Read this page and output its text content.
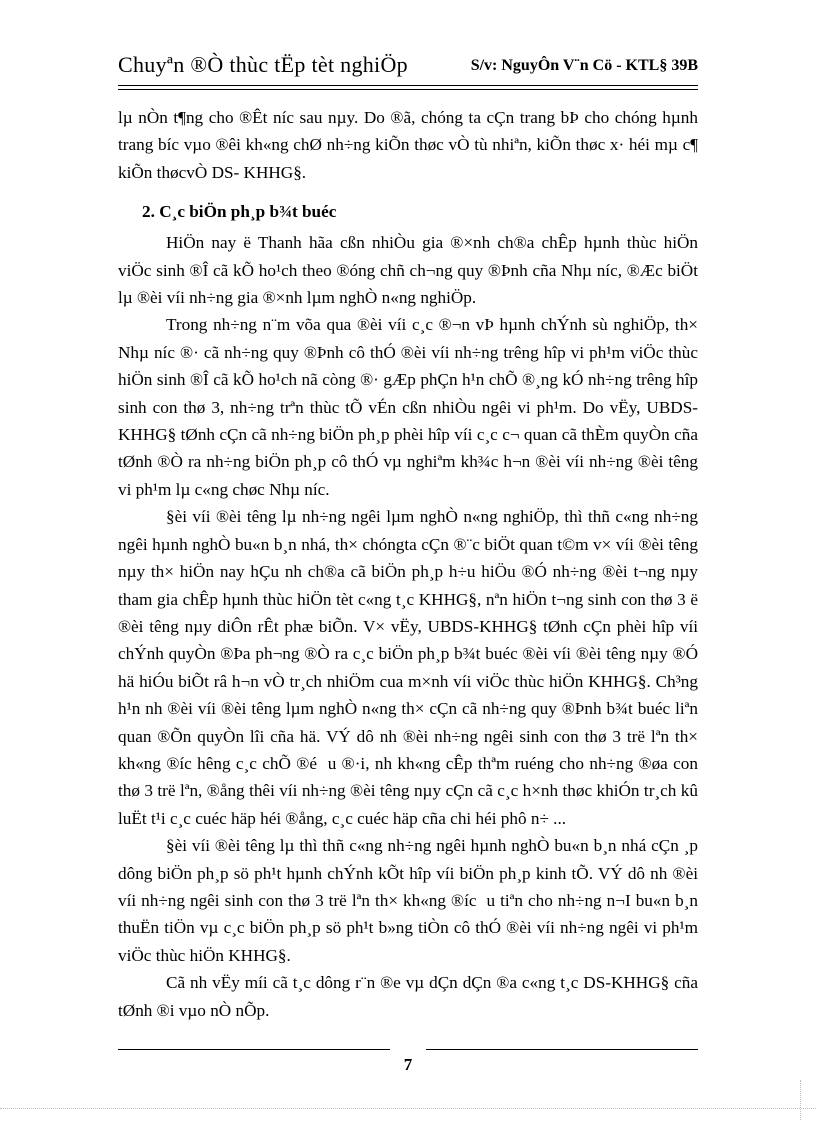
Chuyªn ®Ò thùc tËp tèt nghiÖp	S/v: NguyÔn V¨n Cö - KTL§ 39B

lµ nÒn t¶ng cho ®Êt níc sau nµy. Do ®ã, chóng ta cÇn trang bÞ cho chóng hµnh trang bíc vµo ®êi kh«ng chØ nh÷ng kiÕn thøc vÒ tù nhiªn, kiÕn thøc x· héi mµ c¶ kiÕn thøcvÒ DS- KHHG§.

2. C¸c biÖn ph¸p b¾t buéc

HiÖn nay ë Thanh hãa cßn nhiÒu gia ®×nh ch®a chÊp hµnh thùc hiÖn viÖc sinh ®Î cã kÕ ho¹ch theo ®óng chñ ch¬ng quy ®Þnh cña Nhµ níc, ®Æc biÖt lµ ®èi víi nh÷ng gia ®×nh lµm nghÒ n«ng nghiÖp.

Trong nh÷ng n¨m võa qua ®èi víi c¸c ®¬n vÞ hµnh chÝnh sù nghiÖp, th× Nhµ níc ®· cã nh÷ng quy ®Þnh cô thÓ ®èi víi nh÷ng trêng hîp vi ph¹m viÖc thùc hiÖn sinh ®Î cã kÕ ho¹ch nã còng ®· gÆp phÇn h¹n chÕ ®¸ng kÓ nh÷ng trêng hîp sinh con thø 3, nh÷ng trªn thùc tÕ vÉn cßn nhiÒu ngêi vi ph¹m. Do vËy, UBDS-KHHG§ tØnh cÇn cã nh÷ng biÖn ph¸p phèi hîp víi c¸c c¬ quan cã thÈm quyÒn cña tØnh ®Ò ra nh÷ng biÖn ph¸p cô thÓ vµ nghiªm kh¾c h¬n ®èi víi nh÷ng ®èi têng vi ph¹m lµ c«ng chøc Nhµ níc.

§èi víi ®èi têng lµ nh÷ng ngêi lµm nghÒ n«ng nghiÖp, thì thñ c«ng nh÷ng ngêi hµnh nghÒ bu«n b¸n nhá, th× chóngta cÇn ®¨c biÖt quan t©m v× víi ®èi têng nµy th× hiÖn nay hÇu nh ch®a cã biÖn ph¸p h÷u hiÖu ®Ó nh÷ng ®èi t¬ng nµy tham gia chÊp hµnh thùc hiÖn tèt c«ng t¸c KHHG§, nªn hiÖn t¬ng sinh con thø 3 ë ®èi têng nµy diÔn rÊt phæ biÕn. V× vËy, UBDS-KHHG§ tØnh cÇn phèi hîp víi chÝnh quyÒn ®Þa ph¬ng ®Ò ra c¸c biÖn ph¸p b¾t buéc ®èi víi ®èi têng nµy ®Ó hä hiÓu biÕt râ h¬n vÒ tr¸ch nhiÖm cua m×nh víi viÖc thùc hiÖn KHHG§. Ch³ng h¹n nh ®èi víi ®èi têng lµm nghÒ n«ng th× cÇn cã nh÷ng quy ®Þnh b¾t buéc liªn quan ®Õn quyÒn lîi cña hä. VÝ dô nh ®èi nh÷ng ngêi sinh con thø 3 trë lªn th× kh«ng ®íc hêng c¸c chÕ ®é u ®·i, nh kh«ng cÊp thªm ruéng cho nh÷ng ®øa con thø 3 trë lªn, ®ång thêi víi nh÷ng ®èi têng nµy cÇn cã c¸c h×nh thøc khiÓn tr¸ch kû luËt t¹i c¸c cuéc häp héi ®ång, c¸c cuéc häp cña chi héi phô n÷ ...

§èi víi ®èi têng lµ thì thñ c«ng nh÷ng ngêi hµnh nghÒ bu«n b¸n nhá cÇn ¸p dông biÖn ph¸p sö ph¹t hµnh chÝnh kÕt hîp víi biÖn ph¸p kinh tÕ. VÝ dô nh ®èi víi nh÷ng ngêi sinh con thø 3 trë lªn th× kh«ng ®íc u tiªn cho nh÷ng n¬I bu«n b¸n thuËn tiÖn vµ c¸c biÖn ph¸p sö ph¹t b»ng tiÒn cô thÓ ®èi víi nh÷ng ngêi vi ph¹m viÖc thùc hiÖn KHHG§.

Cã nh vËy míi cã t¸c dông r¨n ®e vµ dÇn dÇn ®a c«ng t¸c DS-KHHG§ cña tØnh ®i vµo nÒ nÕp.

7
